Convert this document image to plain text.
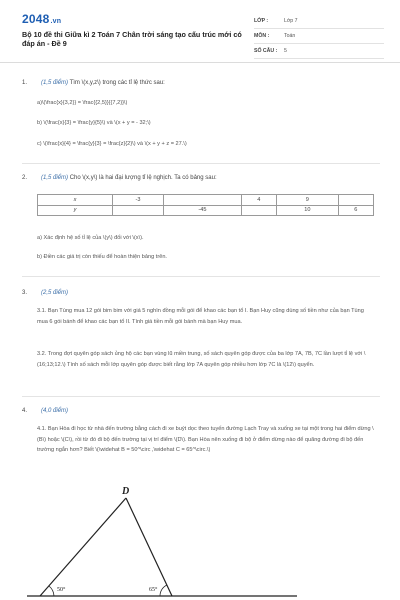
2048.vn
Bộ 10 đề thi Giữa kì 2 Toán 7 Chân trời sáng tạo cấu trúc mới có đáp án - Đề 9
LỚP :	Lớp 7
MÔN :	Toán
SỐ CÂU :	5
1.	(1,5 điểm) Tìm \(x,y,z\) trong các tỉ lệ thức sau:
a)\(\frac{x}{3,2}} = \frac{{2,5}}{{7,2}}\)
b) \(\frac{x}{3} = \frac{y}{5}\) và \(x + y = - 32;\)
c) \(\frac{x}{4} = \frac{y}{3} = \frac{z}{2}\) và \(x + y + z = 27.\)
2.	(1,5 điểm) Cho \(x,y\) là hai đại lượng tỉ lệ nghịch. Ta có bảng sau:
x	-3		4	9	
y		-45		10	6
a) Xác định hệ số tỉ lệ của \(y\) đối với \(x\).
b) Điền các giá trị còn thiếu để hoàn thiện bảng trên.
3.	(2,5 điểm)
3.1. Bạn Tùng mua 12 gói bim bim với giá 5 nghìn đồng mỗi gói để khao các bạn tổ I. Bạn Huy cũng dùng số tiền như của bạn Tùng mua 6 gói bánh để khao các bạn tổ II. Tính giá tiền mỗi gói bánh mà bạn Huy mua.
3.2. Trong đợt quyên góp sách ủng hộ các bạn vùng lũ miền trung, số sách quyên góp được của ba lớp 7A, 7B, 7C lần lượt tỉ lệ với \(16;13;12.\) Tính số sách mỗi lớp quyên góp được biết rằng lớp 7A quyên góp nhiều hơn lớp 7C là \(12\) quyển.
4.	(4,0 điểm)
4.1. Bạn Hòa đi học từ nhà đến trường bằng cách đi xe buýt dọc theo tuyến đường Lạch Tray và xuống xe tại một trong hai điểm dừng \(B\) hoặc \(C\), rồi từ đó đi bộ đến trường tại vị trí điểm \(D\). Bạn Hòa nên xuống đi bộ ở điểm dừng nào để quãng đường đi bộ đến trường ngắn hơn? Biết \(\widehat B = 50^\circ ,\widehat C = 65^\circ.\)
D
50°	65°
